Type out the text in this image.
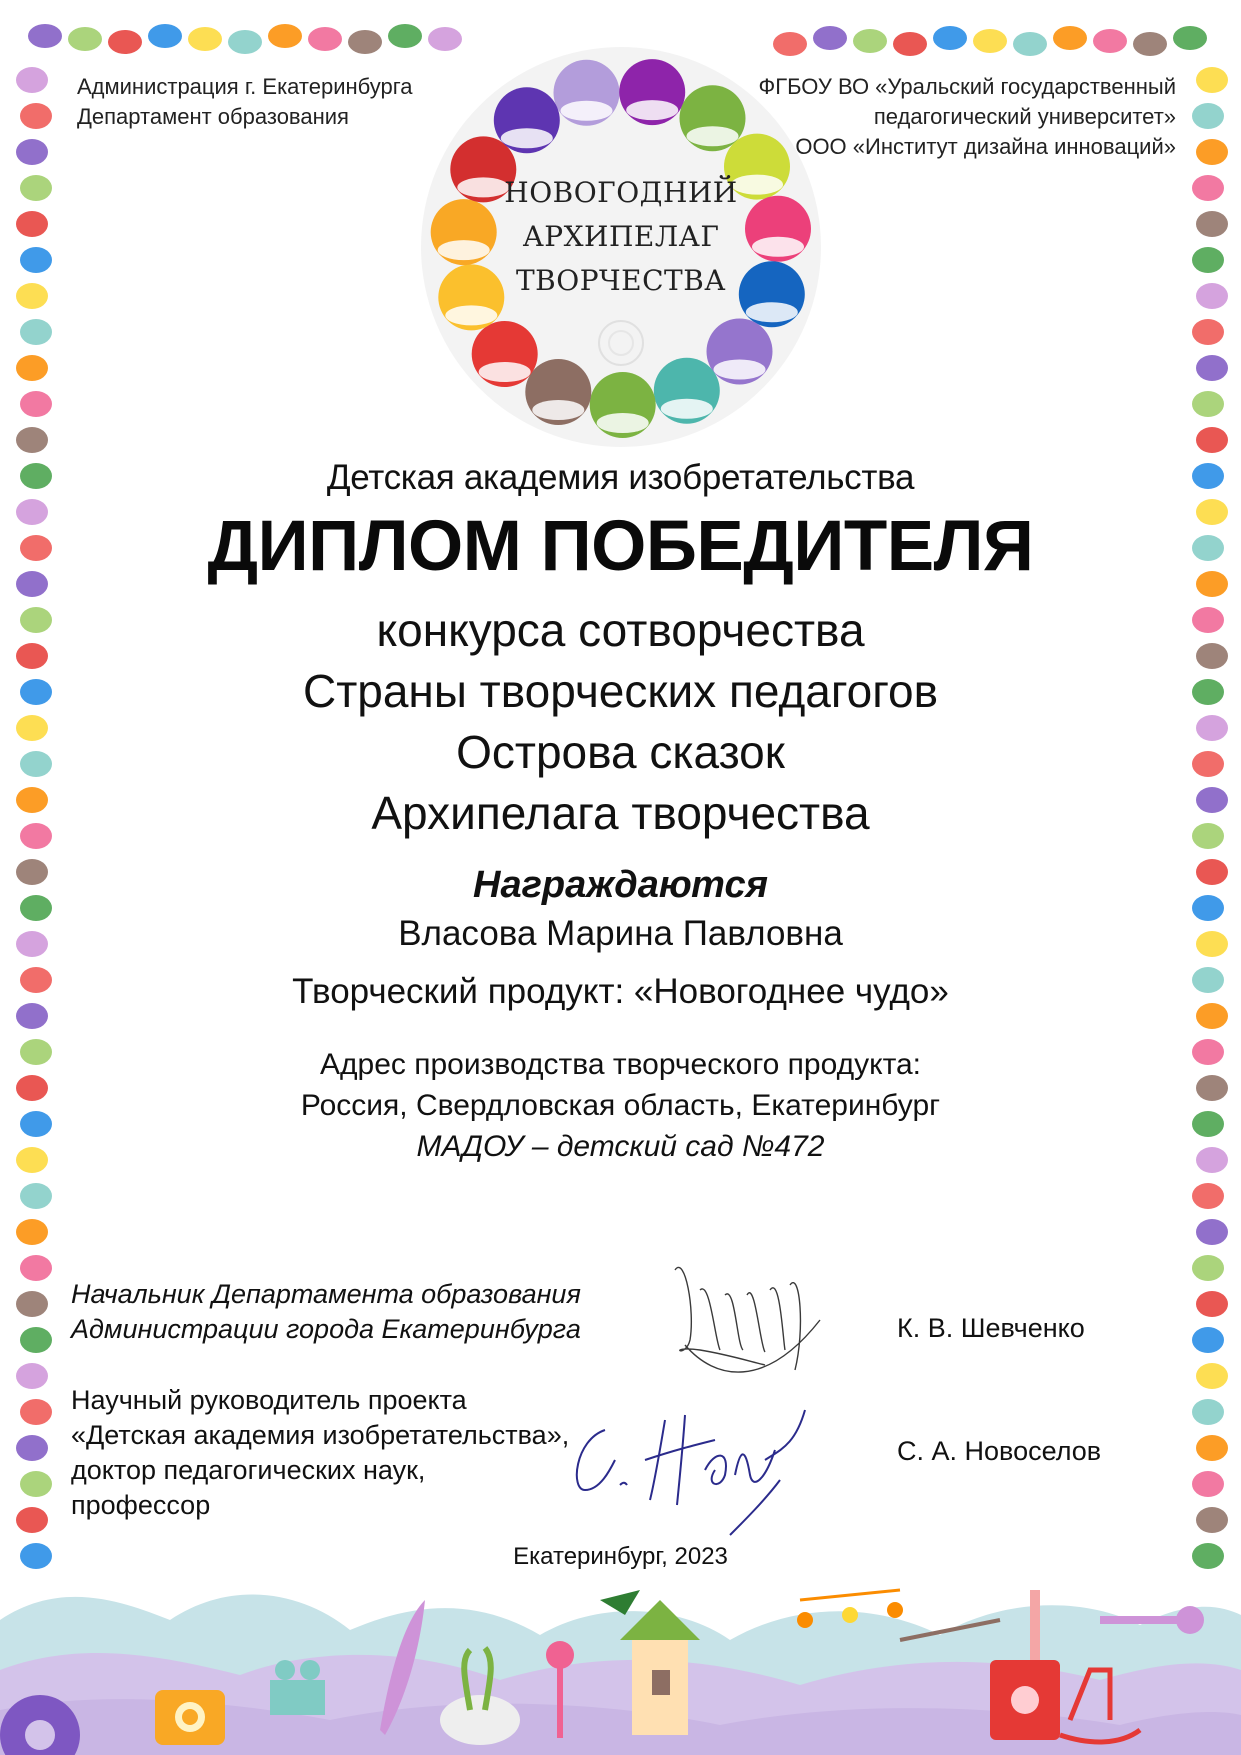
Администрация г. Екатеринбурга
Департамент образования
ФГБОУ ВО «Уральский государственный
педагогический университет»
ООО «Институт дизайна инноваций»
НОВОГОДНИЙ
АРХИПЕЛАГ
ТВОРЧЕСТВА
Детская академия изобретательства
ДИПЛОМ ПОБЕДИТЕЛЯ
конкурса сотворчества
Страны творческих педагогов
Острова сказок
Архипелага творчества
Награждаются
Власова Марина Павловна
Творческий продукт: «Новогоднее чудо»
Адрес производства творческого продукта:
Россия, Свердловская область, Екатеринбург
МАДОУ – детский сад №472
Начальник Департамента образования
Администрации города Екатеринбурга	К. В. Шевченко
Научный руководитель проекта
«Детская академия изобретательства»,
доктор педагогических наук,
профессор
С. А. Новоселов
Екатеринбург, 2023
